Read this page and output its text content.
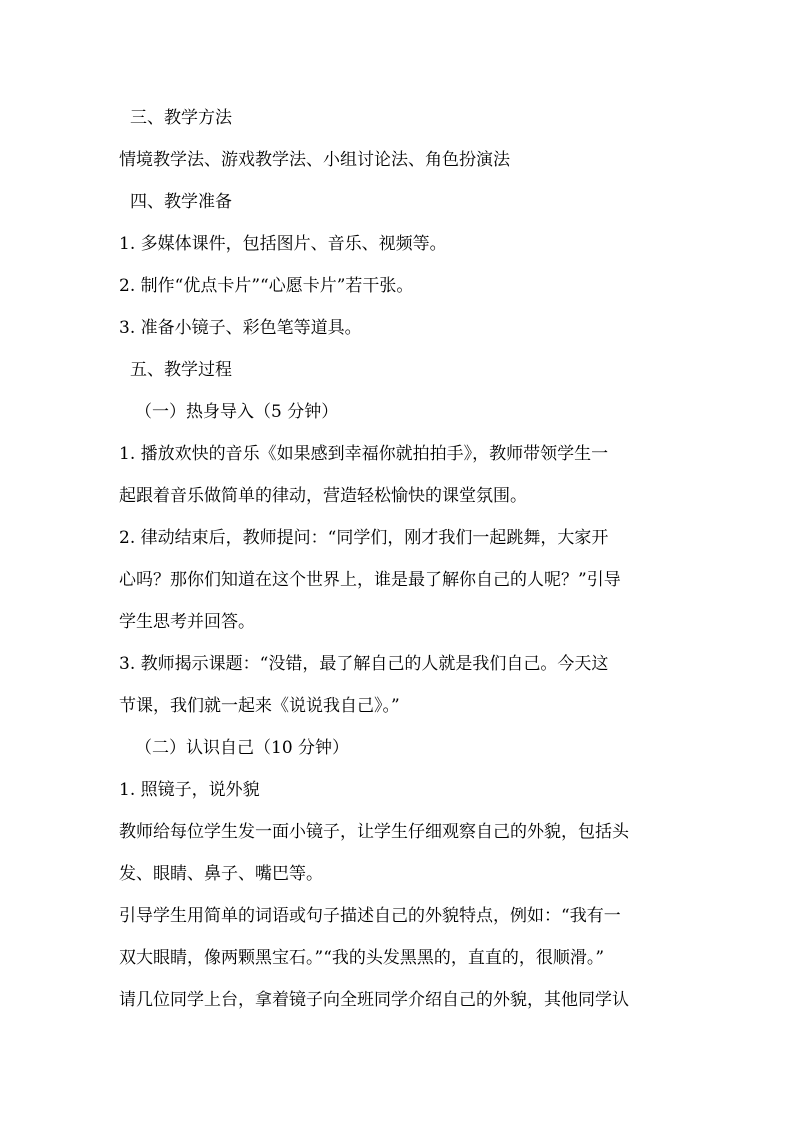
三、教学方法
情境教学法、游戏教学法、小组讨论法、角色扮演法
四、教学准备
1. 多媒体课件，包括图片、音乐、视频等。
2. 制作“优点卡片”“心愿卡片”若干张。
3. 准备小镜子、彩色笔等道具。
五、教学过程
（一）热身导入（5 分钟）
1. 播放欢快的音乐《如果感到幸福你就拍拍手》，教师带领学生一
起跟着音乐做简单的律动，营造轻松愉快的课堂氛围。
2. 律动结束后，教师提问：“同学们，刚才我们一起跳舞，大家开
心吗？那你们知道在这个世界上，谁是最了解你自己的人呢？”引导
学生思考并回答。
3. 教师揭示课题：“没错，最了解自己的人就是我们自己。今天这
节课，我们就一起来《说说我自己》。”
（二）认识自己（10 分钟）
1. 照镜子，说外貌
教师给每位学生发一面小镜子，让学生仔细观察自己的外貌，包括头
发、眼睛、鼻子、嘴巴等。
引导学生用简单的词语或句子描述自己的外貌特点，例如：“我有一
双大眼睛，像两颗黑宝石。”“我的头发黑黑的，直直的，很顺滑。”
请几位同学上台，拿着镜子向全班同学介绍自己的外貌，其他同学认
